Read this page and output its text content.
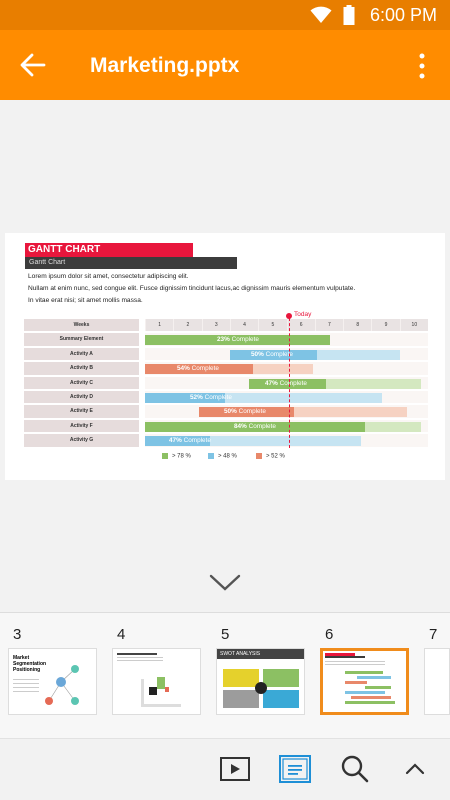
6:00 PM
Marketing.pptx
GANTT CHART
Gantt Chart
Lorem ipsum dolor sit amet, consectetur adipiscing elit.
Nullam at enim nunc, sed congue elit. Fusce dignissim tincidunt lacus,ac dignissim mauris elementum vulputate.
In vitae erat nisi; sit amet mollis massa.
Weeks	1	2	3	4	5	6	7	8	9	10
Summary Element	23% Complete
Activity A	50% Complete
Activity B	54% Complete
Activity C	47% Complete
Activity D	52% Complete
Activity E	50% Complete
Activity F	84% Complete
Activity G	47% Complete
Today
> 78 %	> 48 %	> 52 %
3
Market Segmentation Positioning
4	5
SWOT ANALYSIS
6	7
